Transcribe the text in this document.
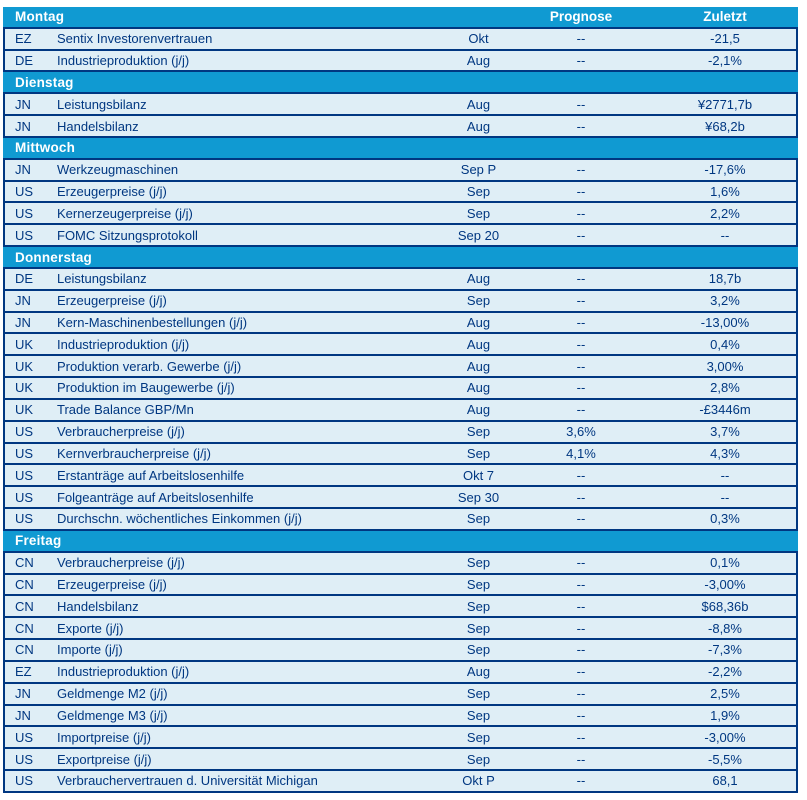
Montag	Prognose	Zuletzt
EZ	Sentix Investorenvertrauen	Okt	--	-21,5
DE	Industrieproduktion (j/j)	Aug	--	-2,1%
Dienstag
JN	Leistungsbilanz	Aug	--	¥2771,7b
JN	Handelsbilanz	Aug	--	¥68,2b
Mittwoch
JN	Werkzeugmaschinen	Sep P	--	-17,6%
US	Erzeugerpreise (j/j)	Sep	--	1,6%
US	Kernerzeugerpreise (j/j)	Sep	--	2,2%
US	FOMC Sitzungsprotokoll	Sep 20	--	--
Donnerstag
DE	Leistungsbilanz	Aug	--	18,7b
JN	Erzeugerpreise (j/j)	Sep	--	3,2%
JN	Kern-Maschinenbestellungen (j/j)	Aug	--	-13,00%
UK	Industrieproduktion (j/j)	Aug	--	0,4%
UK	Produktion verarb. Gewerbe (j/j)	Aug	--	3,00%
UK	Produktion im Baugewerbe (j/j)	Aug	--	2,8%
UK	Trade Balance GBP/Mn	Aug	--	-£3446m
US	Verbraucherpreise (j/j)	Sep	3,6%	3,7%
US	Kernverbraucherpreise (j/j)	Sep	4,1%	4,3%
US	Erstanträge auf Arbeitslosenhilfe	Okt 7	--	--
US	Folgeanträge auf Arbeitslosenhilfe	Sep 30	--	--
US	Durchschn. wöchentliches Einkommen (j/j)	Sep	--	0,3%
Freitag
CN	Verbraucherpreise (j/j)	Sep	--	0,1%
CN	Erzeugerpreise (j/j)	Sep	--	-3,00%
CN	Handelsbilanz	Sep	--	$68,36b
CN	Exporte (j/j)	Sep	--	-8,8%
CN	Importe (j/j)	Sep	--	-7,3%
EZ	Industrieproduktion (j/j)	Aug	--	-2,2%
JN	Geldmenge M2 (j/j)	Sep	--	2,5%
JN	Geldmenge M3 (j/j)	Sep	--	1,9%
US	Importpreise (j/j)	Sep	--	-3,00%
US	Exportpreise (j/j)	Sep	--	-5,5%
US	Verbrauchervertrauen d. Universität Michigan	Okt P	--	68,1
